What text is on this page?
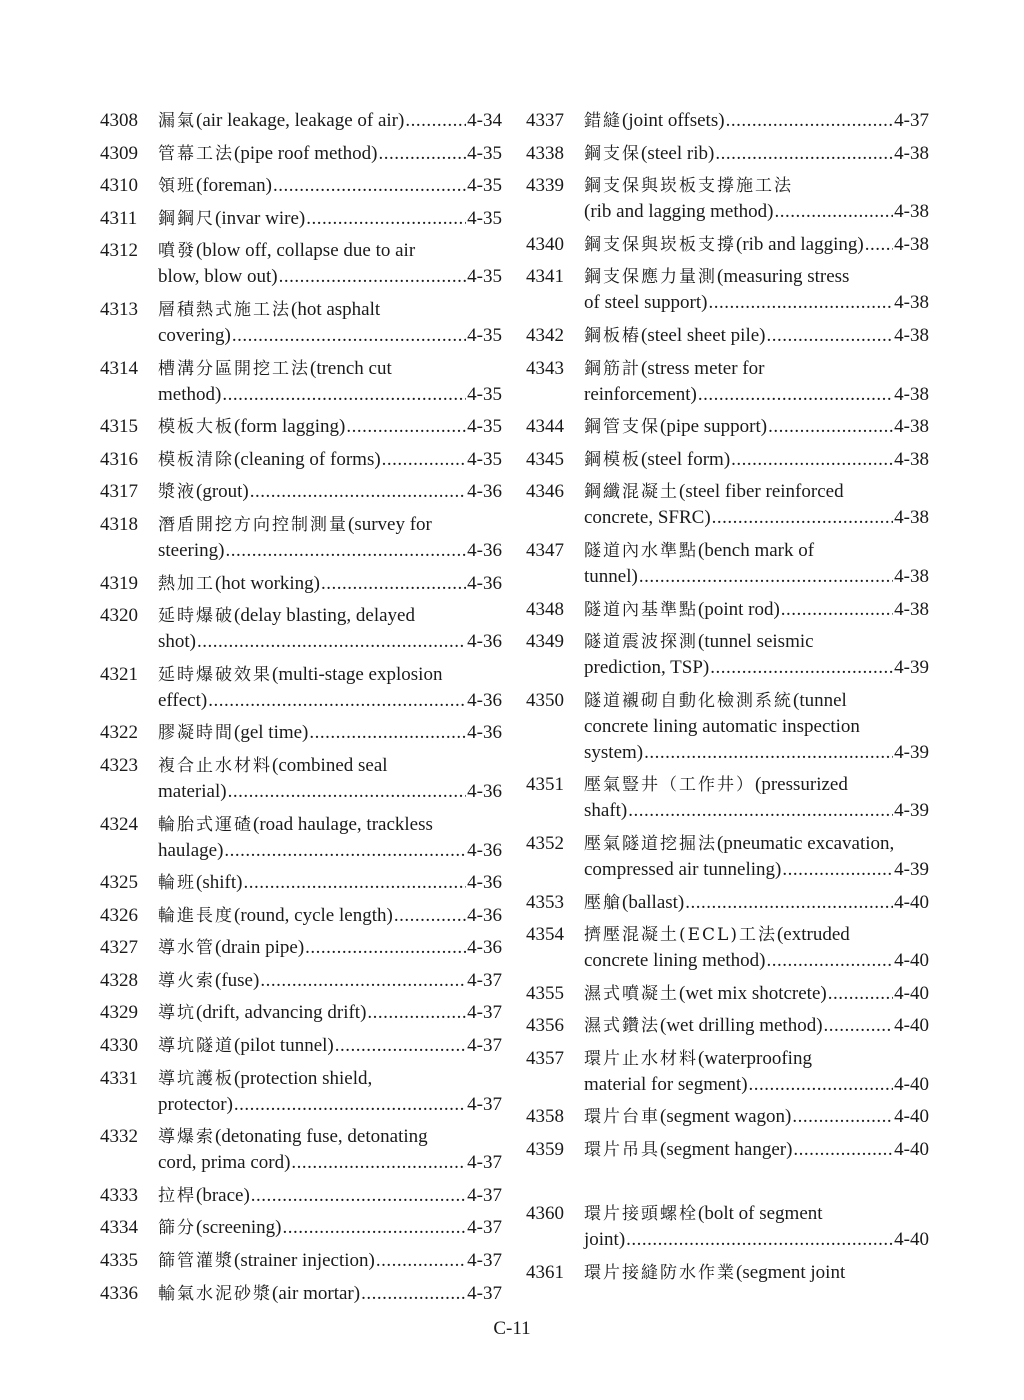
4308	漏氣(air leakage, leakage of air) .....	4-34
4309	管幕工法(pipe roof method) .....	4-35
4310	領班(foreman) .....	4-35
4311	鋼鋼尺(invar wire) .....	4-35
4312	噴發(blow off, collapse due to air
blow, blow out) .....	4-35
4313	層積熱式施工法(hot asphalt
covering) .....	4-35
4314	槽溝分區開挖工法(trench cut
method) .....	4-35
4315	模板大板(form lagging) .....	4-35
4316	模板清除(cleaning of forms) .....	4-35
4317	漿液(grout) .....	4-36
4318	潛盾開挖方向控制測量(survey for
steering) .....	4-36
4319	熱加工(hot working) .....	4-36
4320	延時爆破(delay blasting, delayed
shot) .....	4-36
4321	延時爆破效果(multi-stage explosion
effect) .....	4-36
4322	膠凝時間(gel time) .....	4-36
4323	複合止水材料(combined seal
material) .....	4-36
4324	輪胎式運碴(road haulage, trackless
haulage) .....	4-36
4325	輪班(shift) .....	4-36
4326	輪進長度(round, cycle length) .....	4-36
4327	導水管(drain pipe) .....	4-36
4328	導火索(fuse) .....	4-37
4329	導坑(drift, advancing drift) .....	4-37
4330	導坑隧道(pilot tunnel) .....	4-37
4331	導坑護板(protection shield,
protector) .....	4-37
4332	導爆索(detonating fuse, detonating
cord, prima cord) .....	4-37
4333	拉桿(brace) .....	4-37
4334	篩分(screening) .....	4-37
4335	篩管灌漿(strainer injection) .....	4-37
4336	輸氣水泥砂漿(air mortar) .....	4-37
4337	錯縫(joint offsets) .....	4-37
4338	鋼支保(steel rib) .....	4-38
4339	鋼支保與崁板支撐施工法
(rib and lagging method) .....	4-38
4340	鋼支保與崁板支撐(rib and lagging) ..... 4-38
4341	鋼支保應力量測(measuring stress
of steel support) .....	4-38
4342	鋼板樁(steel sheet pile) .....	4-38
4343	鋼筋計(stress meter for
reinforcement) .....	4-38
4344	鋼管支保(pipe support) .....	4-38
4345	鋼模板(steel form) .....	4-38
4346	鋼纖混凝土(steel fiber reinforced
concrete, SFRC) .....	4-38
4347	隧道內水準點(bench mark of
tunnel) .....	4-38
4348	隧道內基準點(point rod) .....	4-38
4349	隧道震波探測(tunnel seismic
prediction, TSP) .....	4-39
4350	隧道襯砌自動化檢測系統(tunnel
concrete lining automatic inspection
system) .....	4-39
4351	壓氣豎井（工作井）(pressurized
shaft) .....	4-39
4352	壓氣隧道挖掘法(pneumatic excavation,
compressed air tunneling) .....	4-39
4353	壓艙(ballast) .....	4-40
4354	擠壓混凝土(ECL)工法(extruded
concrete lining method) .....	4-40
4355	濕式噴凝土(wet mix shotcrete) .....	4-40
4356	濕式鑽法(wet drilling method) .....	4-40
4357	環片止水材料(waterproofing
material for segment) .....	4-40
4358	環片台車(segment wagon) .....	4-40
4359	環片吊具(segment hanger) .....	4-40
4360	環片接頭螺栓(bolt of segment
joint) .....	4-40
4361	環片接縫防水作業(segment joint
C-11
